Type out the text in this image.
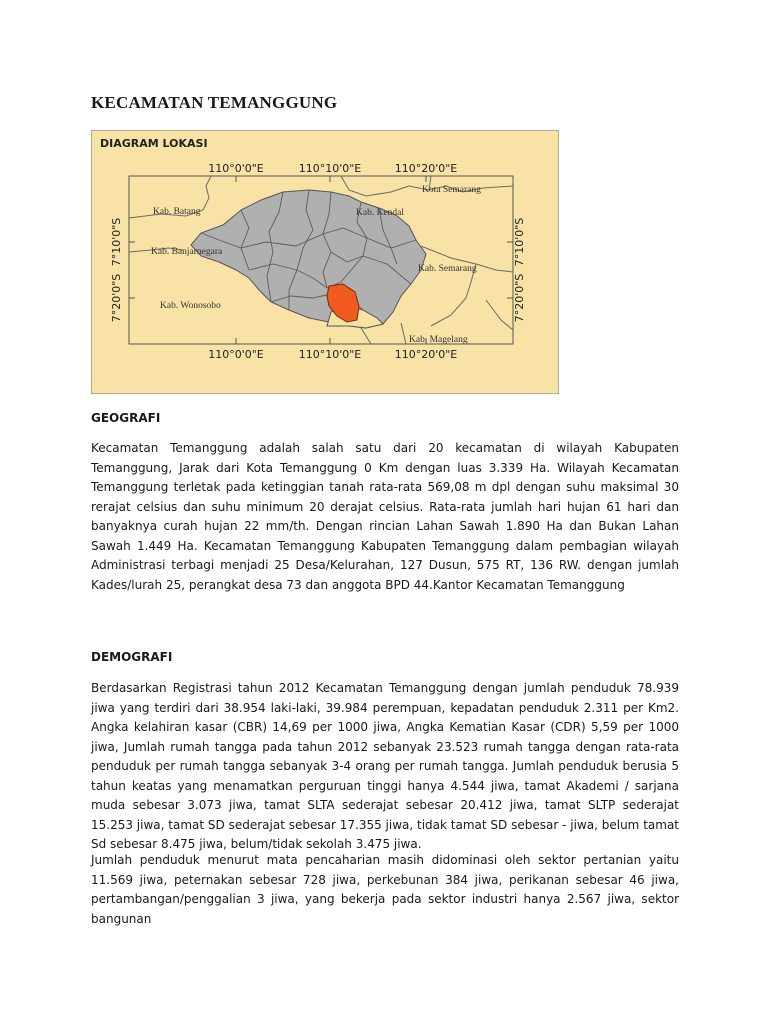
KECAMATAN TEMANGGUNG
DIAGRAM LOKASI
110°0'0"E	110°10'0"E	110°20'0"E
110°0'0"E	110°10'0"E	110°20'0"E
7°10'0"S
7°20'0"S
7°10'0"S
7°20'0"S
Kab. Batang	Kab. Kendal
Kota Semarang
Kab. Banjarnegara
Kab. Semarang
Kab. Wonosobo
Kab. Magelang
GEOGRAFI
Kecamatan Temanggung adalah salah satu dari 20 kecamatan di wilayah Kabupaten Temanggung, Jarak dari Kota Temanggung 0 Km dengan luas 3.339 Ha. Wilayah Kecamatan Temanggung terletak pada ketinggian tanah rata-rata 569,08 m dpl dengan suhu maksimal 30 rerajat celsius dan suhu minimum 20 derajat celsius. Rata-rata jumlah hari hujan 61 hari dan banyaknya curah hujan 22 mm/th. Dengan rincian Lahan Sawah 1.890 Ha dan Bukan Lahan Sawah 1.449 Ha. Kecamatan Temanggung Kabupaten Temanggung dalam pembagian wilayah Administrasi terbagi menjadi 25 Desa/Kelurahan, 127 Dusun, 575 RT, 136 RW. dengan jumlah Kades/lurah 25, perangkat desa 73 dan anggota BPD 44.Kantor Kecamatan Temanggung
DEMOGRAFI
Berdasarkan Registrasi tahun 2012 Kecamatan Temanggung dengan jumlah penduduk 78.939 jiwa yang terdiri dari 38.954 laki-laki, 39.984 perempuan, kepadatan penduduk 2.311 per Km2. Angka kelahiran kasar (CBR) 14,69 per 1000 jiwa, Angka Kematian Kasar (CDR) 5,59 per 1000 jiwa, Jumlah rumah tangga pada tahun 2012 sebanyak 23.523 rumah tangga dengan rata-rata penduduk per rumah tangga sebanyak 3-4 orang per rumah tangga. Jumlah penduduk berusia 5 tahun keatas yang menamatkan perguruan tinggi hanya 4.544 jiwa, tamat Akademi / sarjana muda sebesar 3.073 jiwa, tamat SLTA sederajat sebesar 20.412 jiwa, tamat SLTP sederajat 15.253 jiwa, tamat SD sederajat sebesar 17.355 jiwa, tidak tamat SD sebesar - jiwa, belum tamat Sd sebesar 8.475 jiwa, belum/tidak sekolah 3.475 jiwa.
Jumlah penduduk menurut mata pencaharian masih didominasi oleh sektor pertanian yaitu 11.569 jiwa, peternakan sebesar 728 jiwa, perkebunan 384 jiwa, perikanan sebesar 46 jiwa, pertambangan/penggalian 3 jiwa, yang bekerja pada sektor industri hanya 2.567 jiwa, sektor bangunan
